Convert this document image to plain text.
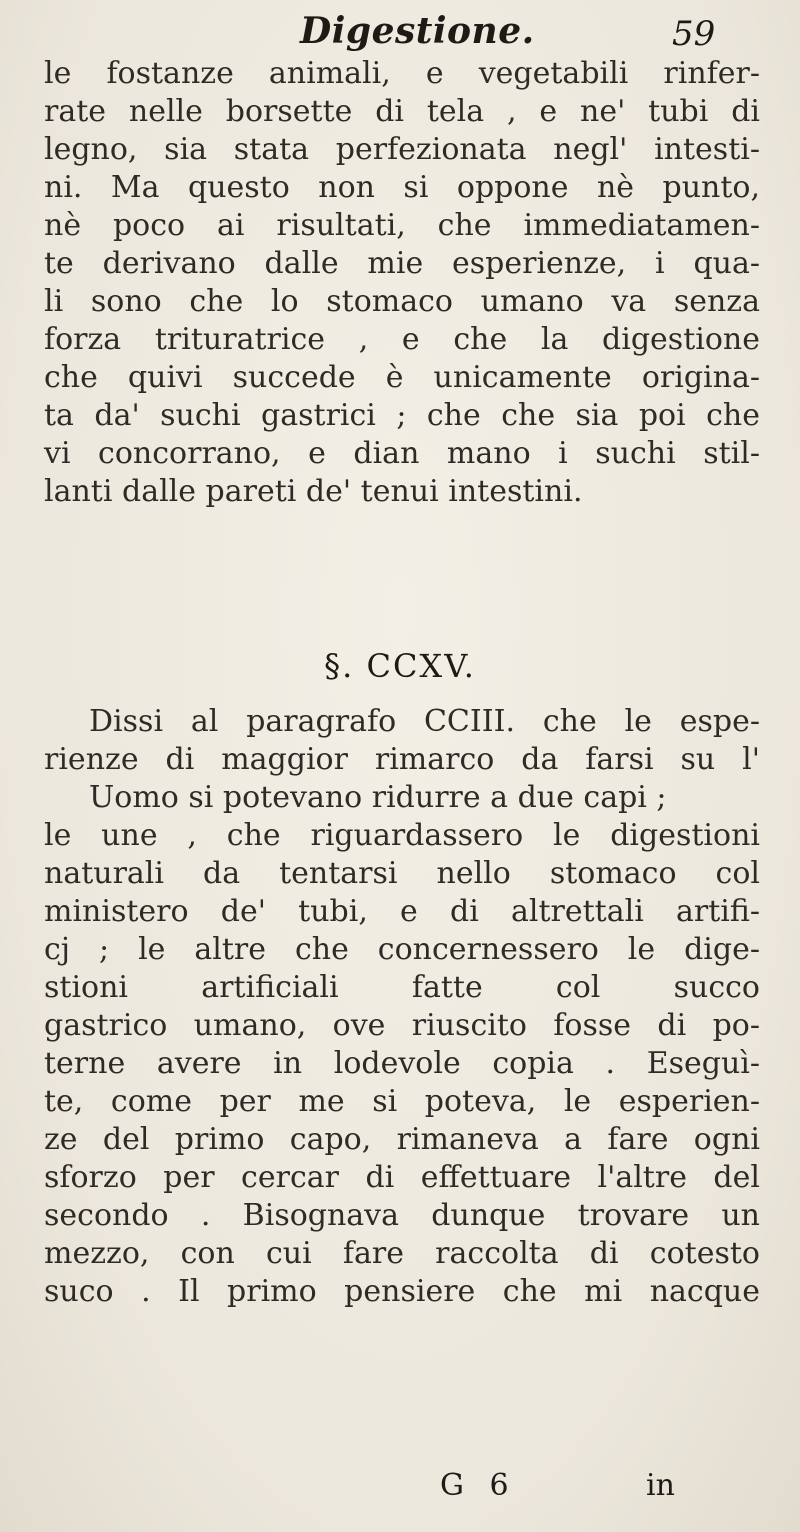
Digestione.	59
le fostanze animali, e vegetabili rinfer-
rate nelle borsette di tela , e ne' tubi di
legno, sia stata perfezionata negl' intesti-
ni. Ma questo non si oppone nè punto,
nè poco ai risultati, che immediatamen-
te derivano dalle mie esperienze, i qua-
li sono che lo stomaco umano va senza
forza trituratrice , e che la digestione
che quivi succede è unicamente origina-
ta da' suchi gastrici ; che che sia poi che
vi concorrano, e dian mano i suchi stil-
lanti dalle pareti de' tenui intestini.
§. CCXV.
Dissi al paragrafo CCIII. che le espe-
rienze di maggior rimarco da farsi su l'
Uomo si potevano ridurre a due capi ;
le une , che riguardassero le digestioni
naturali da tentarsi nello stomaco col
ministero de' tubi, e di altrettali artifi-
cj ; le altre che concernessero le dige-
stioni artificiali fatte col succo
gastrico umano, ove riuscito fosse di po-
terne avere in lodevole copia . Eseguì-
te, come per me si poteva, le esperien-
ze del primo capo, rimaneva a fare ogni
sforzo per cercar di effettuare l'altre del
secondo . Bisognava dunque trovare un
mezzo, con cui fare raccolta di cotesto
suco . Il primo pensiere che mi nacque
G 6	in
